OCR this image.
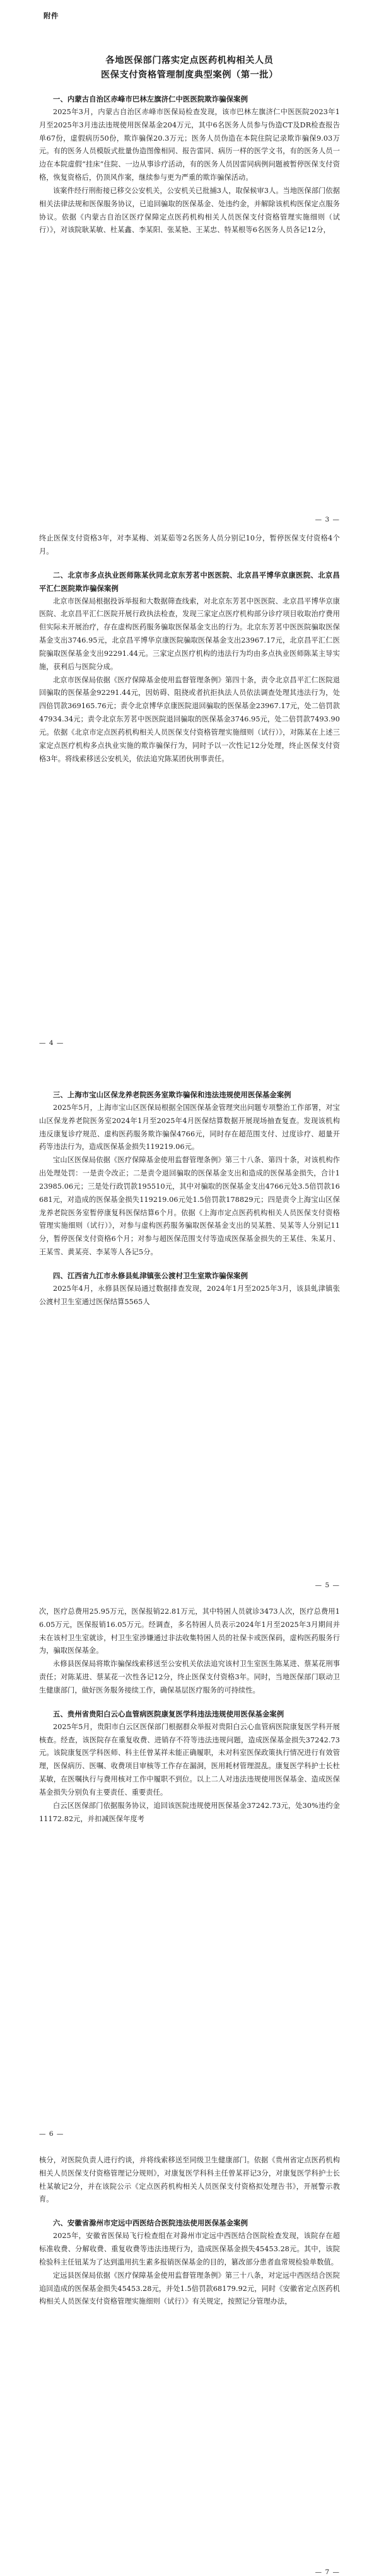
附件
各地医保部门落实定点医药机构相关人员
医保支付资格管理制度典型案例（第一批）
一、内蒙古自治区赤峰市巴林左旗济仁中医医院欺诈骗保案例

2025年3月，内蒙古自治区赤峰市医保局检查发现，该市巴林左旗济仁中医医院2023年1月至2025年3月违法违规使用医保基金204万元，其中6名医务人员参与伪造CT及DR检查报告单67份，虚假病历50份，欺诈骗保20.3万元；医务人员伪造在本院住院记录欺诈骗保9.03万元。有的医务人员模版式批量伪造图像相同、报告雷同、病历一样的医学文书，有的医务人员一边在本院虚假“挂床”住院、一边从事诊疗活动，有的医务人员因雷同病例问题被暂停医保支付资格，恢复资格后，仍顶风作案，继续参与更为严重的欺诈骗保活动。

该案件经行刑衔接已移交公安机关，公安机关已批捕3人，取保候审3人。当地医保部门依据相关法律法规和医保服务协议，已追回骗取的医保基金、处违约金，并解除该机构医保定点服务协议。依据《内蒙古自治区医疗保障定点医药机构相关人员医保支付资格管理实施细则（试行）》，对该院耿某敏、杜某鑫、李某阳、张某艳、王某忠、特某根等6名医务人员各记12分，

— 3 —

终止医保支付资格3年，对李某梅、刘某茹等2名医务人员分别记10分，暂停医保支付资格4个月。

二、北京市多点执业医师陈某伙同北京东芳茗中医医院、北京昌平博华京康医院、北京昌平汇仁医院欺诈骗保案例

北京市医保局根据投诉举报和大数据筛查线索，对北京东芳茗中医医院、北京昌平博华京康医院、北京昌平汇仁医院开展行政执法检查，发现三家定点医疗机构部分诊疗项目收取治疗费用但实际未开展治疗，存在虚构医药服务骗取医保基金支出的行为。北京东芳茗中医医院骗取医保基金支出3746.95元，北京昌平博华京康医院骗取医保基金支出23967.17元，北京昌平汇仁医院骗取医保基金支出92291.44元。三家定点医疗机构的违法行为均由多点执业医师陈某主导实施，获利后与医院分成。

北京市医保局依据《医疗保障基金使用监督管理条例》第四十条，责令北京昌平汇仁医院退回骗取的医保基金92291.44元，因妨碍、阻挠或者抗拒执法人员依法调查处理其违法行为，处四倍罚款369165.76元；责令北京博华京康医院退回骗取的医保基金23967.17元，处二倍罚款47934.34元；责令北京东芳茗中医医院退回骗取的医保基金3746.95元，处二倍罚款7493.90元。依据《北京市定点医药机构相关人员医保支付资格管理实施细则（试行）》，对陈某在上述三家定点医疗机构多点执业实施的欺诈骗保行为，同时予以一次性记12分处理，终止医保支付资格3年。将线索移送公安机关，依法追究陈某团伙刑事责任。

— 4 —
三、上海市宝山区保龙养老院医务室欺诈骗保和违法违规使用医保基金案例

2025年5月，上海市宝山区医保局根据全国医保基金管理突出问题专项整治工作部署，对宝山区保龙养老院医务室2024年1月至2025年4月医保结算数据开展现场抽查复查。发现该机构违反康复诊疗规范、虚构医药服务欺诈骗保4766元，同时存在超范围支付、过度诊疗、超量开药等违法行为，造成医保基金损失119219.06元。

宝山区医保局依据《医疗保障基金使用监督管理条例》第三十八条、第四十条，对该机构作出处理处罚：一是责令改正；二是责令退回骗取的医保基金支出和造成的医保基金损失，合计123985.06元；三是处行政罚款195510元，其中对骗取的医保基金支出4766元处3.5倍罚款16681元，对造成的医保基金损失119219.06元处1.5倍罚款178829元；四是责令上海宝山区保龙养老院医务室暂停康复科医保结算6个月。依据《上海市定点医药机构相关人员医保支付资格管理实施细则（试行）》，对参与虚构医药服务骗取医保基金支出的吴某胜、吴某等人分别记11分，暂停医保支付资格6个月；对参与超医保范围支付等造成医保基金损失的王某佳、朱某月、王某雪、黄某亮、李某等人各记5分。

四、江西省九江市永修县虬津镇张公渡村卫生室欺诈骗保案例

2025年4月，永修县医保局通过数据排查发现，2024年1月至2025年3月，该县虬津镇张公渡村卫生室通过医保结算5565人

— 5 —

次，医疗总费用25.95万元，医保报销22.81万元，其中特困人员就诊3473人次，医疗总费用16.05万元，医保报销16.05万元。经调查，多名特困人员表示2024年1月至2025年3月期间并未在该村卫生室就诊，村卫生室涉嫌通过非法收集特困人员的社保卡或医保码，虚构医药服务行为，骗取医保基金。

永修县医保局将欺诈骗保线索移送至公安机关依法追究该村卫生室医生陈某进、蔡某花刑事责任；对陈某进、蔡某花一次性各记12分，终止医保支付资格3年。同时，当地医保部门联动卫生健康部门，做好医务服务接续工作，确保基层医疗服务的可持续性。

五、贵州省贵阳白云心血管病医院康复医学科违法违规使用医保基金案例

2025年5月，贵阳市白云区医保部门根据群众举报对贵阳白云心血管病医院康复医学科开展核查。经查，该医院存在重复收费、进销存不符等违法违规问题，造成医保基金损失37242.73元。该院康复医学科医师、科主任曾某祥未能正确履职，未对科室医保政策执行情况进行有效管理，医保病历、医嘱、收费项目审核等工作存在漏洞，医用耗材管理混乱。康复医学科护士长杜某敏，在医嘱执行与费用核对工作中履职不到位。以上二人对违法违规使用医保基金、造成医保基金损失分别负有主要责任、重要责任。

白云区医保部门依据服务协议，追回该医院违规使用医保基金37242.73元，处30%违约金11172.82元，并扣减医保年度考

— 6 —

核分，对医院负责人进行约谈，并将线索移送至同级卫生健康部门。依据《贵州省定点医药机构相关人员医保支付资格管理记分规则》，对康复医学科科主任曾某祥记3分，对康复医学科护士长杜某敏记2分，并在该院公示《定点医药机构相关人员医保支付资格拟处理告书》，开展警示教育。

六、安徽省滁州市定远中西医结合医院违法使用医保基金案例

2025年，安徽省医保局飞行检查组在对滁州市定远中西医结合医院检查发现，该院存在超标准收费、分解收费、重复收费等违法违规行为，造成医保基金损失45453.28元。其中，该院检验科主任钮某为了达到滥用抗生素多报销医保基金的目的，篡改部分患者血常规检验单数值。

定远县医保局依据《医疗保障基金使用监督管理条例》第三十八条，对定远中西医结合医院追回造成的医保基金损失45453.28元，并处1.5倍罚款68179.92元，同时《安徽省定点医药机构相关人员医保支付资格管理实施细则（试行）》有关规定，按照记分管理办法，

— 7 —
